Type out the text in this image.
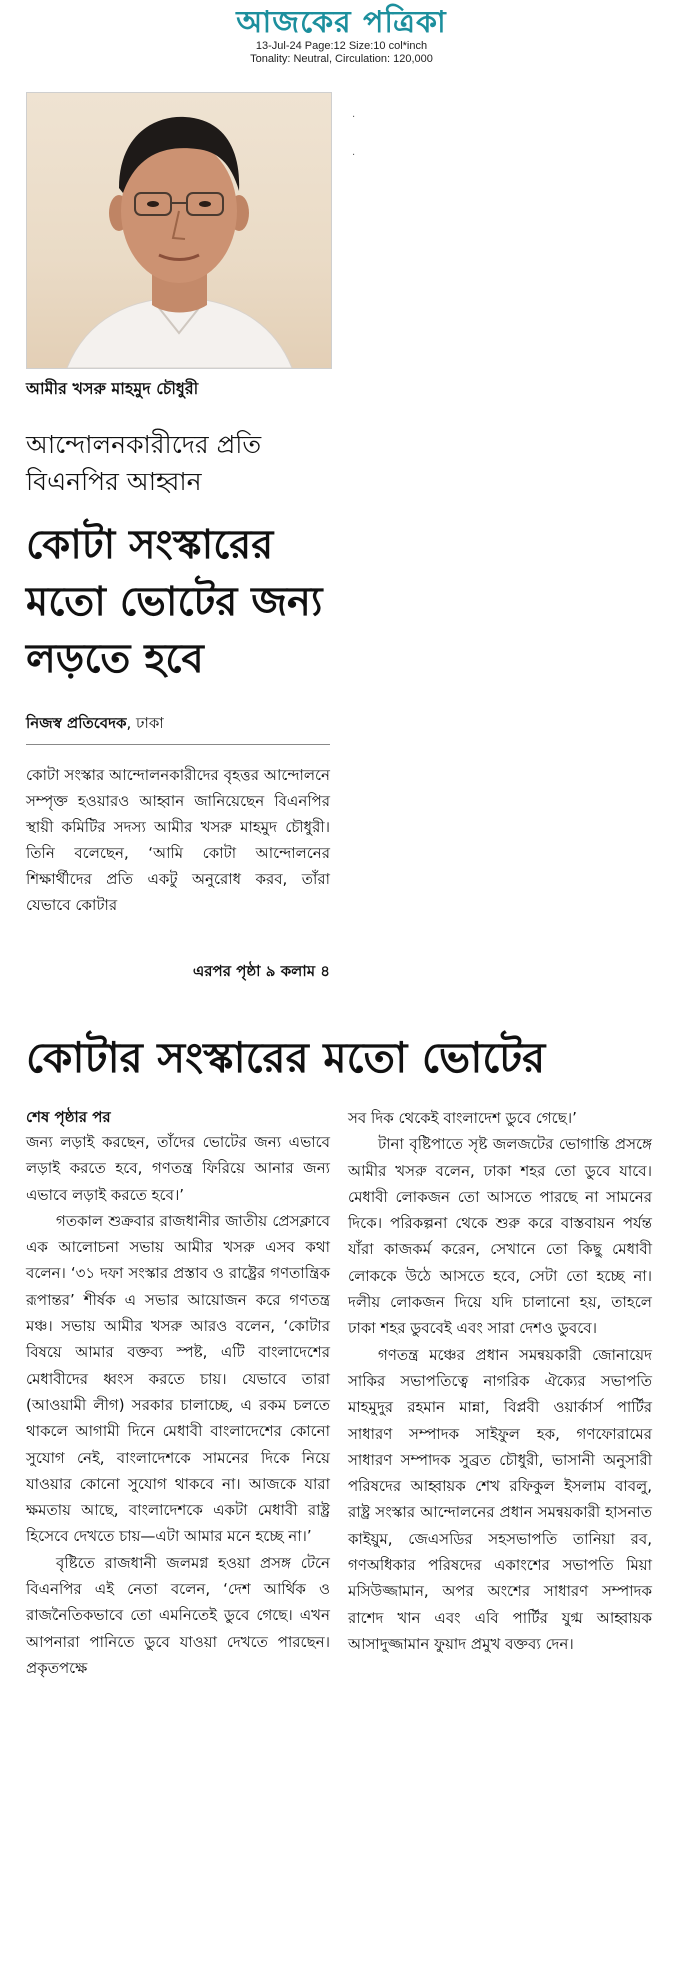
আজকের পত্রিকা
13-Jul-24 Page:12 Size:10 col*inch
Tonality: Neutral, Circulation: 120,000
·
·
আমীর খসরু মাহমুদ চৌধুরী
আন্দোলনকারীদের প্রতি বিএনপির আহ্বান
কোটা সংস্কারের মতো ভোটের জন্য লড়তে হবে
নিজস্ব প্রতিবেদক, ঢাকা
কোটা সংস্কার আন্দোলনকারীদের বৃহত্তর আন্দোলনে সম্পৃক্ত হওয়ারও আহ্বান জানিয়েছেন বিএনপির স্থায়ী কমিটির সদস্য আমীর খসরু মাহমুদ চৌধুরী। তিনি বলেছেন, ‘আমি কোটা আন্দোলনের শিক্ষার্থীদের প্রতি একটু অনুরোধ করব, তাঁরা যেভাবে কোটার
এরপর পৃষ্ঠা ৯ কলাম ৪
কোটার সংস্কারের মতো ভোটের
শেষ পৃষ্ঠার পর

জন্য লড়াই করছেন, তাঁদের ভোটের জন্য এভাবে লড়াই করতে হবে, গণতন্ত্র ফিরিয়ে আনার জন্য এভাবে লড়াই করতে হবে।’

গতকাল শুক্রবার রাজধানীর জাতীয় প্রেসক্লাবে এক আলোচনা সভায় আমীর খসরু এসব কথা বলেন। ‘৩১ দফা সংস্কার প্রস্তাব ও রাষ্ট্রের গণতান্ত্রিক রূপান্তর’ শীর্ষক এ সভার আয়োজন করে গণতন্ত্র মঞ্চ। সভায় আমীর খসরু আরও বলেন, ‘কোটার বিষয়ে আমার বক্তব্য স্পষ্ট, এটি বাংলাদেশের মেধাবীদের ধ্বংস করতে চায়। যেভাবে তারা (আওয়ামী লীগ) সরকার চালাচ্ছে, এ রকম চলতে থাকলে আগামী দিনে মেধাবী বাংলাদেশের কোনো সুযোগ নেই, বাংলাদেশকে সামনের দিকে নিয়ে যাওয়ার কোনো সুযোগ থাকবে না। আজকে যারা ক্ষমতায় আছে, বাংলাদেশকে একটা মেধাবী রাষ্ট্র হিসেবে দেখতে চায়—এটা আমার মনে হচ্ছে না।’

বৃষ্টিতে রাজধানী জলমগ্ন হওয়া প্রসঙ্গ টেনে বিএনপির এই নেতা বলেন, ‘দেশ আর্থিক ও রাজনৈতিকভাবে তো এমনিতেই ডুবে গেছে। এখন আপনারা পানিতে ডুবে যাওয়া দেখতে পারছেন। প্রকৃতপক্ষে

সব দিক থেকেই বাংলাদেশ ডুবে গেছে।’

টানা বৃষ্টিপাতে সৃষ্ট জলজটের ভোগান্তি প্রসঙ্গে আমীর খসরু বলেন, ঢাকা শহর তো ডুবে যাবে। মেধাবী লোকজন তো আসতে পারছে না সামনের দিকে। পরিকল্পনা থেকে শুরু করে বাস্তবায়ন পর্যন্ত যাঁরা কাজকর্ম করেন, সেখানে তো কিছু মেধাবী লোককে উঠে আসতে হবে, সেটা তো হচ্ছে না। দলীয় লোকজন দিয়ে যদি চালানো হয়, তাহলে ঢাকা শহর ডুববেই এবং সারা দেশও ডুববে।

গণতন্ত্র মঞ্চের প্রধান সমন্বয়কারী জোনায়েদ সাকির সভাপতিত্বে নাগরিক ঐক্যের সভাপতি মাহমুদুর রহমান মান্না, বিপ্লবী ওয়ার্কার্স পার্টির সাধারণ সম্পাদক সাইফুল হক, গণফোরামের সাধারণ সম্পাদক সুব্রত চৌধুরী, ভাসানী অনুসারী পরিষদের আহ্বায়ক শেখ রফিকুল ইসলাম বাবলু, রাষ্ট্র সংস্কার আন্দোলনের প্রধান সমন্বয়কারী হাসনাত কাইয়ুম, জেএসডির সহসভাপতি তানিয়া রব, গণঅধিকার পরিষদের একাংশের সভাপতি মিয়া মসিউজ্জামান, অপর অংশের সাধারণ সম্পাদক রাশেদ খান এবং এবি পার্টির যুগ্ম আহ্বায়ক আসাদুজ্জামান ফুয়াদ প্রমুখ বক্তব্য দেন।
